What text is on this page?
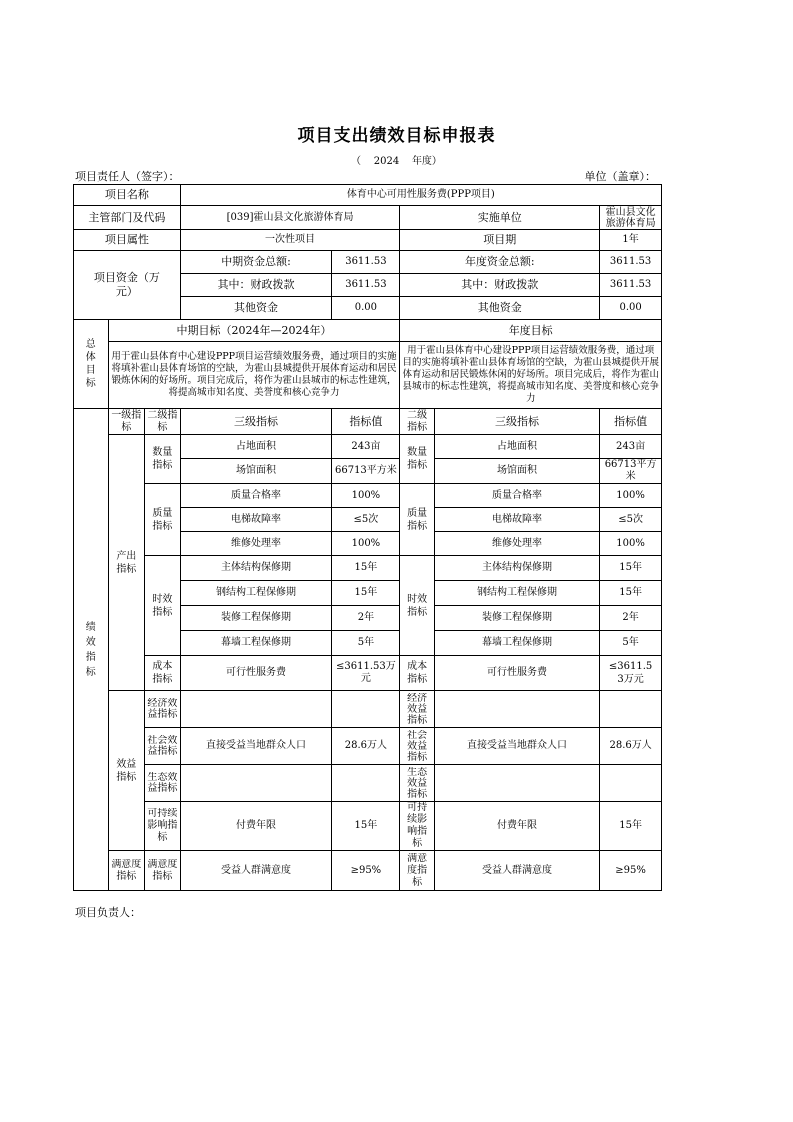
项目支出绩效目标申报表
（ 2024 年度）
项目责任人（签字）：	单位（盖章）：
项目名称			体育中心可用性服务费(PPP项目)				
主管部门及代码			[039]霍山县文化旅游体育局		实施单位		霍山县文化旅游体育局

项目属性			一次性项目		项目期		1年

项目资金（万元）			中期资金总额:	3611.53	年度资金总额:		3611.53
			其中：财政拨款	3611.53	其中：财政拨款		3611.53
			其他资金	0.00	其他资金		0.00

总体目标	中期目标（2024年—2024年）				年度目标		
	用于霍山县体育中心建设PPP项目运营绩效服务费，通过项目的实施将填补霍山县体育场馆的空缺，为霍山县城提供开展体育运动和居民锻炼休闲的好场所。项目完成后，将作为霍山县城市的标志性建筑，将提高城市知名度、美誉度和核心竞争力				用于霍山县体育中心建设PPP项目运营绩效服务费，通过项目的实施将填补霍山县体育场馆的空缺，为霍山县城提供开展体育运动和居民锻炼休闲的好场所。项目完成后，将作为霍山县城市的标志性建筑，将提高城市知名度、美誉度和核心竞争力		

绩效指标	一级指标	二级指标	三级指标	指标值	二级指标	三级指标	指标值

	产出指标	数量指标	占地面积	243亩	数量指标	占地面积	243亩
			场馆面积	66713平方米		场馆面积	66713平方米

		质量指标	质量合格率	100%	质量指标	质量合格率	100%
			电梯故障率	≤5次		电梯故障率	≤5次
			维修处理率	100%		维修处理率	100%

		时效指标	主体结构保修期	15年	时效指标	主体结构保修期	15年
			钢结构工程保修期	15年		钢结构工程保修期	15年
			装修工程保修期	2年		装修工程保修期	2年
			幕墙工程保修期	5年		幕墙工程保修期	5年

		成本指标	可行性服务费	≤3611.53万元	成本指标	可行性服务费	≤3611.53万元

	效益指标	经济效益指标			经济效益指标		

		社会效益指标	直接受益当地群众人口	28.6万人	社会效益指标	直接受益当地群众人口	28.6万人

		生态效益指标			生态效益指标		

		可持续影响指标	付费年限	15年	可持续影响指标	付费年限	15年

	满意度指标	满意度指标	受益人群满意度	≥95%	满意度指标	受益人群满意度	≥95%
项目负责人：
